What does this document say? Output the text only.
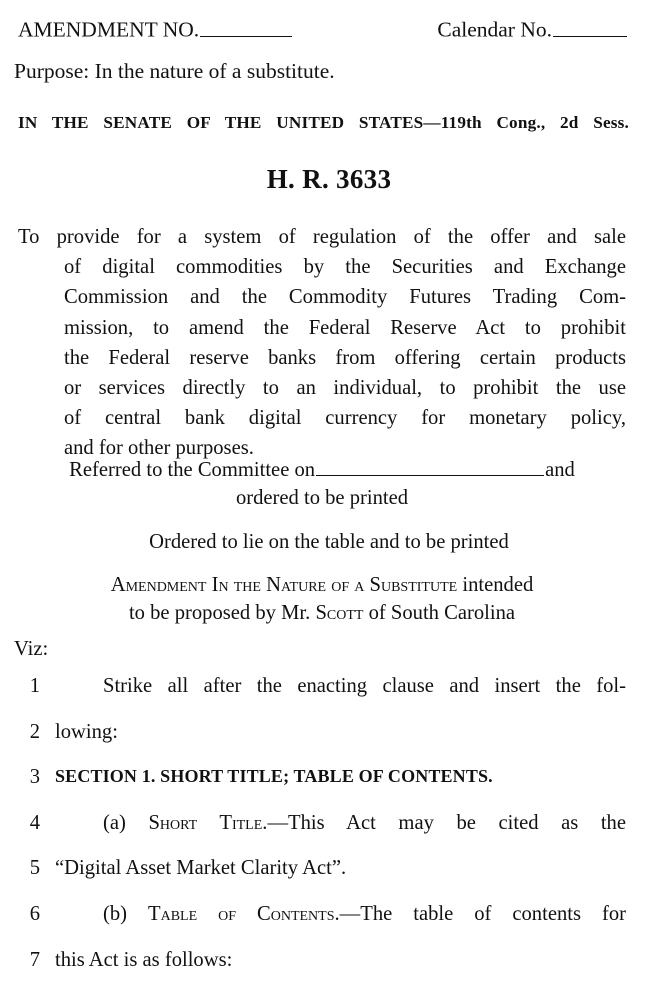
AMENDMENT NO.	Calendar No.
Purpose: In the nature of a substitute.
IN THE SENATE OF THE UNITED STATES—119th Cong., 2d Sess.
H. R. 3633

To provide for a system of regulation of the offer and sale
of digital commodities by the Securities and Exchange
Commission and the Commodity Futures Trading Com-
mission, to amend the Federal Reserve Act to prohibit
the Federal reserve banks from offering certain products
or services directly to an individual, to prohibit the use
of central bank digital currency for monetary policy,
and for other purposes.

Referred to the Committee on	and
ordered to be printed
Ordered to lie on the table and to be printed
Amendment In the Nature of a Substitute intended
to be proposed by Mr. Scott of South Carolina
Viz:
1	Strike all after the enacting clause and insert the fol-
2 lowing:
3 SECTION 1. SHORT TITLE; TABLE OF CONTENTS.
4	(a) Short Title.—This Act may be cited as the
5 “Digital Asset Market Clarity Act”.
6	(b) Table of Contents.—The table of contents for
7 this Act is as follows:
